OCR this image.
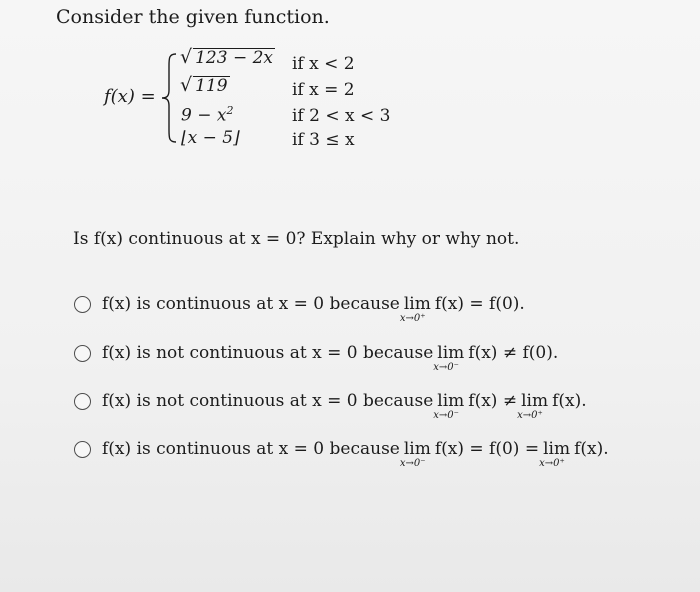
Consider the given function.
f(x) =
√ 123 − 2x if x < 2
√ 119	if x = 2
$9 - x^2$	if 2 < x < 3
⌊x − 5⌋	if 3 ≤ x
Is f(x) continuous at x = 0? Explain why or why not.
f(x) is continuous at x = 0 because lim
x→0⁺
f(x) = f(0).
f(x) is not continuous at x = 0 because lim
x→0⁻
f(x) ≠ f(0).
f(x) is not continuous at x = 0 because lim
x→0⁻
f(x) ≠ lim
x→0⁺
f(x).
f(x) is continuous at x = 0 because lim
x→0⁻
f(x) = f(0) = lim
x→0⁺
f(x).
